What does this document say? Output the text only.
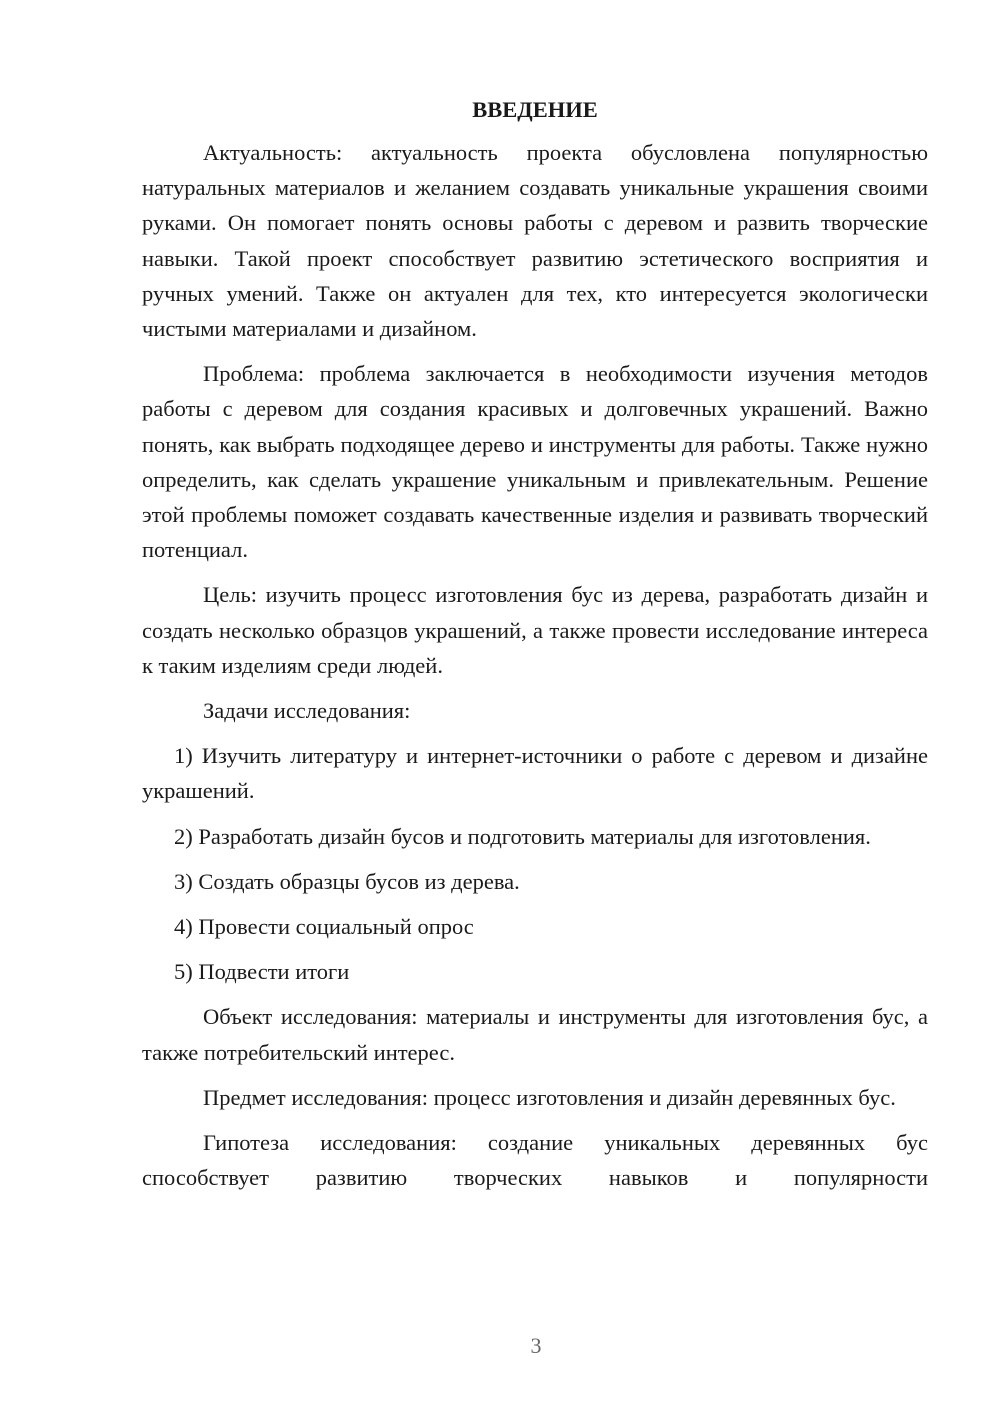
ВВЕДЕНИЕ

Актуальность: актуальность проекта обусловлена популярностью натуральных материалов и желанием создавать уникальные украшения своими руками. Он помогает понять основы работы с деревом и развить творческие навыки. Такой проект способствует развитию эстетического восприятия и ручных умений. Также он актуален для тех, кто интересуется экологически чистыми материалами и дизайном.

Проблема: проблема заключается в необходимости изучения методов работы с деревом для создания красивых и долговечных украшений. Важно понять, как выбрать подходящее дерево и инструменты для работы. Также нужно определить, как сделать украшение уникальным и привлекательным. Решение этой проблемы поможет создавать качественные изделия и развивать творческий потенциал.

Цель: изучить процесс изготовления бус из дерева, разработать дизайн и создать несколько образцов украшений, а также провести исследование интереса к таким изделиям среди людей.

Задачи исследования:

1) Изучить литературу и интернет-источники о работе с деревом и дизайне украшений.

2) Разработать дизайн бусов и подготовить материалы для изготовления.

3) Создать образцы бусов из дерева.

4) Провести социальный опрос

5) Подвести итоги

Объект исследования: материалы и инструменты для изготовления бус, а также потребительский интерес.

Предмет исследования: процесс изготовления и дизайн деревянных бус.

Гипотеза исследования: создание уникальных деревянных бус способствует развитию творческих навыков и популярности

3
